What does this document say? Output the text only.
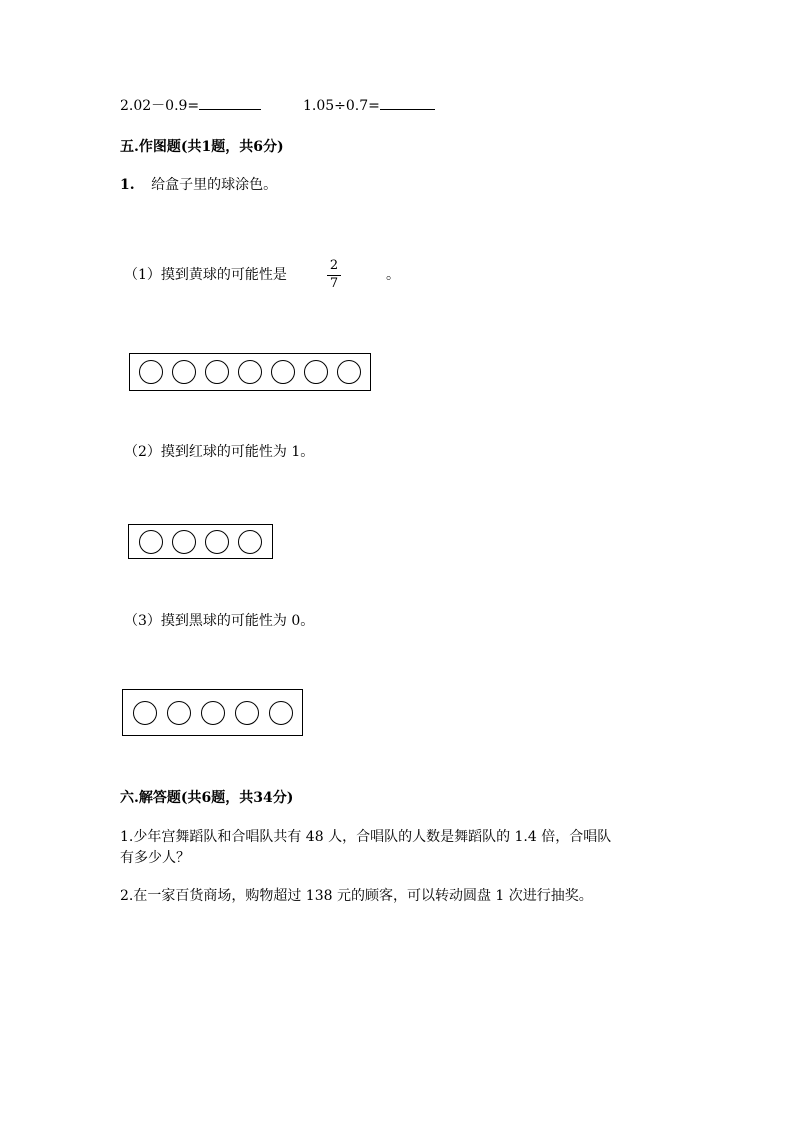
2.02－0.9=	1.05÷0.7=
五.作图题(共1题，共6分)
1. 给盒子里的球涂色。
（1）摸到黄球的可能性是
2
7
。
（2）摸到红球的可能性为 1。
（3）摸到黑球的可能性为 0。
六.解答题(共6题，共34分)
1.少年宫舞蹈队和合唱队共有 48 人，合唱队的人数是舞蹈队的 1.4 倍，合唱队
有多少人？
2.在一家百货商场，购物超过 138 元的顾客，可以转动圆盘 1 次进行抽奖。
